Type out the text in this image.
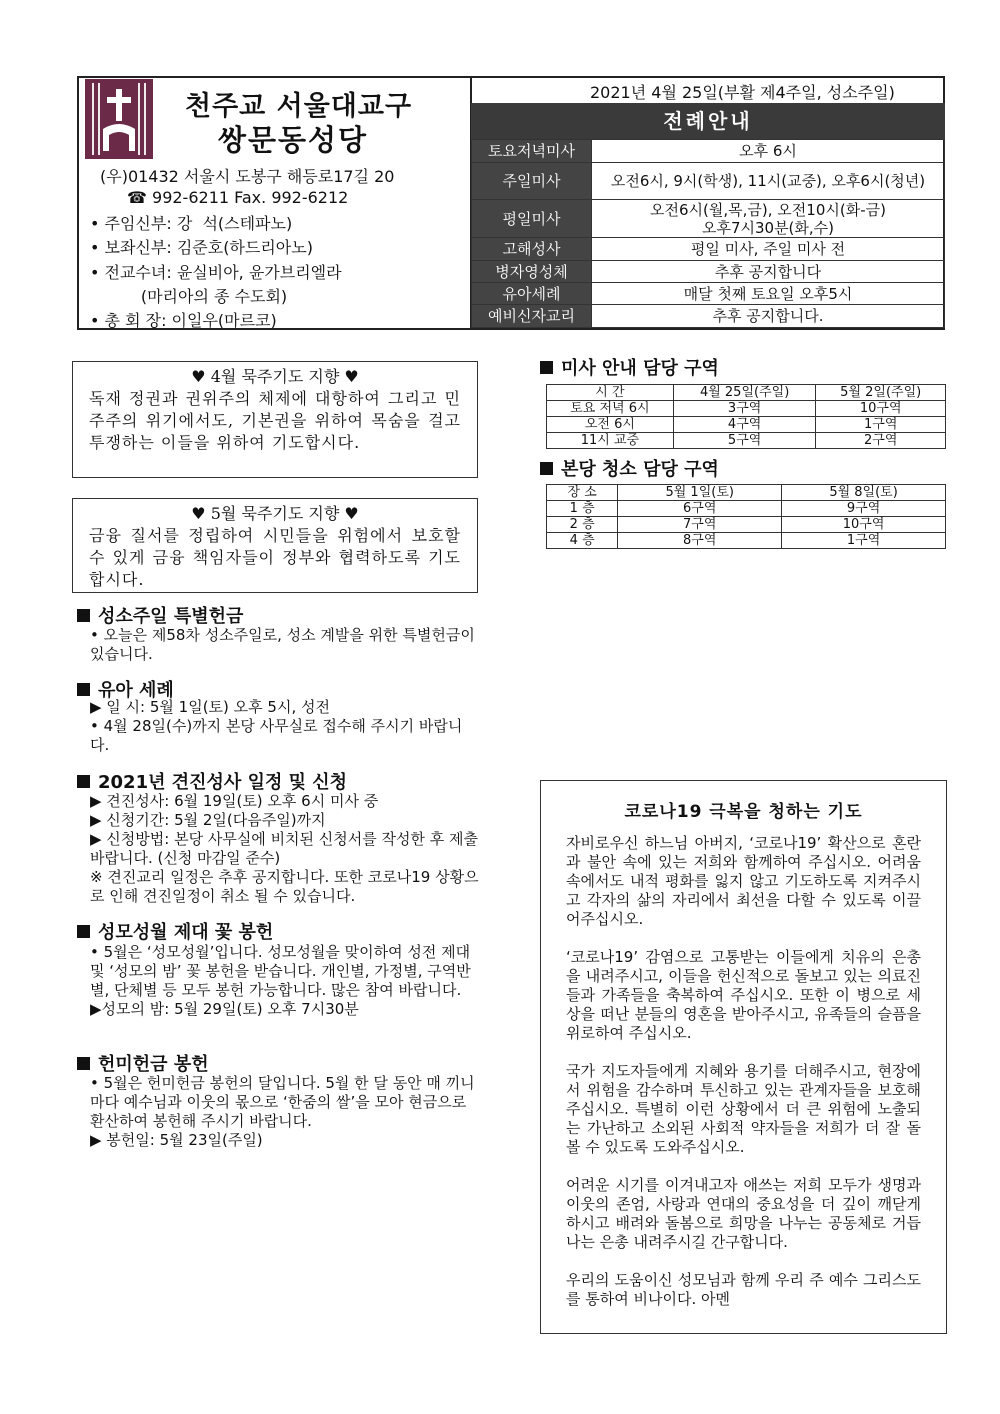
천주교 서울대교구
쌍문동성당
(우)01432 서울시 도봉구 해등로17길 20
☎ 992-6211 Fax. 992-6212
• 주임신부: 강  석(스테파노)
• 보좌신부: 김준호(하드리아노)
• 전교수녀: 윤실비아, 윤가브리엘라
(마리아의 종 수도회)
• 총 회 장: 이일우(마르코)
2021년 4월 25일(부활 제4주일, 성소주일)
전례안내
토요저녁미사	오후 6시
주일미사	오전6시, 9시(학생), 11시(교중), 오후6시(청년)
평일미사	오전6시(월,목,금), 오전10시(화-금)
오후7시30분(화,수)
고해성사	평일 미사, 주일 미사 전
병자영성체	추후 공지합니다
유아세례	매달 첫째 토요일 오후5시
예비신자교리	추후 공지합니다.
♥ 4월 묵주기도 지향 ♥
독재 정권과 권위주의 체제에 대항하여 그리고 민주주의 위기에서도, 기본권을 위하여 목숨을 걸고 투쟁하는 이들을 위하여 기도합시다.
♥ 5월 묵주기도 지향 ♥
금융 질서를 정립하여 시민들을 위험에서 보호할 수 있게 금융 책임자들이 정부와 협력하도록 기도합시다.
성소주일 특별헌금

• 오늘은 제58차 성소주일로, 성소 계발을 위한 특별헌금이 있습니다.

유아 세례

▶ 일 시: 5월 1일(토) 오후 5시, 성전

• 4월 28일(수)까지 본당 사무실로 접수해 주시기 바랍니다.

2021년 견진성사 일정 및 신청

▶ 견진성사: 6월 19일(토) 오후 6시 미사 중

▶ 신청기간: 5월 2일(다음주일)까지

▶ 신청방법: 본당 사무실에 비치된 신청서를 작성한 후 제출 바랍니다. (신청 마감일 준수)

※ 견진교리 일정은 추후 공지합니다. 또한 코로나19 상황으로 인해 견진일정이 취소 될 수 있습니다.

성모성월 제대 꽃 봉헌

• 5월은 ‘성모성월’입니다. 성모성월을 맞이하여 성전 제대 및 ‘성모의 밤’ 꽃 봉헌을 받습니다. 개인별, 가정별, 구역반별, 단체별 등 모두 봉헌 가능합니다. 많은 참여 바랍니다.

▶성모의 밤: 5월 29일(토) 오후 7시30분

헌미헌금 봉헌

• 5월은 헌미헌금 봉헌의 달입니다. 5월 한 달 동안 매 끼니마다 예수님과 이웃의 몫으로 ‘한줌의 쌀’을 모아 현금으로 환산하여 봉헌해 주시기 바랍니다.

▶ 봉헌일: 5월 23일(주일)

미사 안내 담당 구역
시 간	4월 25일(주일)	5월 2일(주일)
토요 저녁 6시	3구역	10구역
오전 6시	4구역	1구역
11시 교중	5구역	2구역
본당 청소 담당 구역
장 소	5월 1일(토)	5월 8일(토)
1 층	6구역	9구역
2 층	7구역	10구역
4 층	8구역	1구역
코로나19 극복을 청하는 기도

자비로우신 하느님 아버지, ‘코로나19’ 확산으로 혼란과 불안 속에 있는 저희와 함께하여 주십시오. 어려움 속에서도 내적 평화를 잃지 않고 기도하도록 지켜주시고 각자의 삶의 자리에서 최선을 다할 수 있도록 이끌어주십시오.

‘코로나19’ 감염으로 고통받는 이들에게 치유의 은총을 내려주시고, 이들을 헌신적으로 돌보고 있는 의료진들과 가족들을 축복하여 주십시오. 또한 이 병으로 세상을 떠난 분들의 영혼을 받아주시고, 유족들의 슬픔을 위로하여 주십시오.

국가 지도자들에게 지혜와 용기를 더해주시고, 현장에서 위험을 감수하며 투신하고 있는 관계자들을 보호해주십시오. 특별히 이런 상황에서 더 큰 위험에 노출되는 가난하고 소외된 사회적 약자들을 저희가 더 잘 돌볼 수 있도록 도와주십시오.

어려운 시기를 이겨내고자 애쓰는 저희 모두가 생명과 이웃의 존엄, 사랑과 연대의 중요성을 더 깊이 깨닫게 하시고 배려와 돌봄으로 희망을 나누는 공동체로 거듭나는 은총 내려주시길 간구합니다.

우리의 도움이신 성모님과 함께 우리 주 예수 그리스도를 통하여 비나이다. 아멘
